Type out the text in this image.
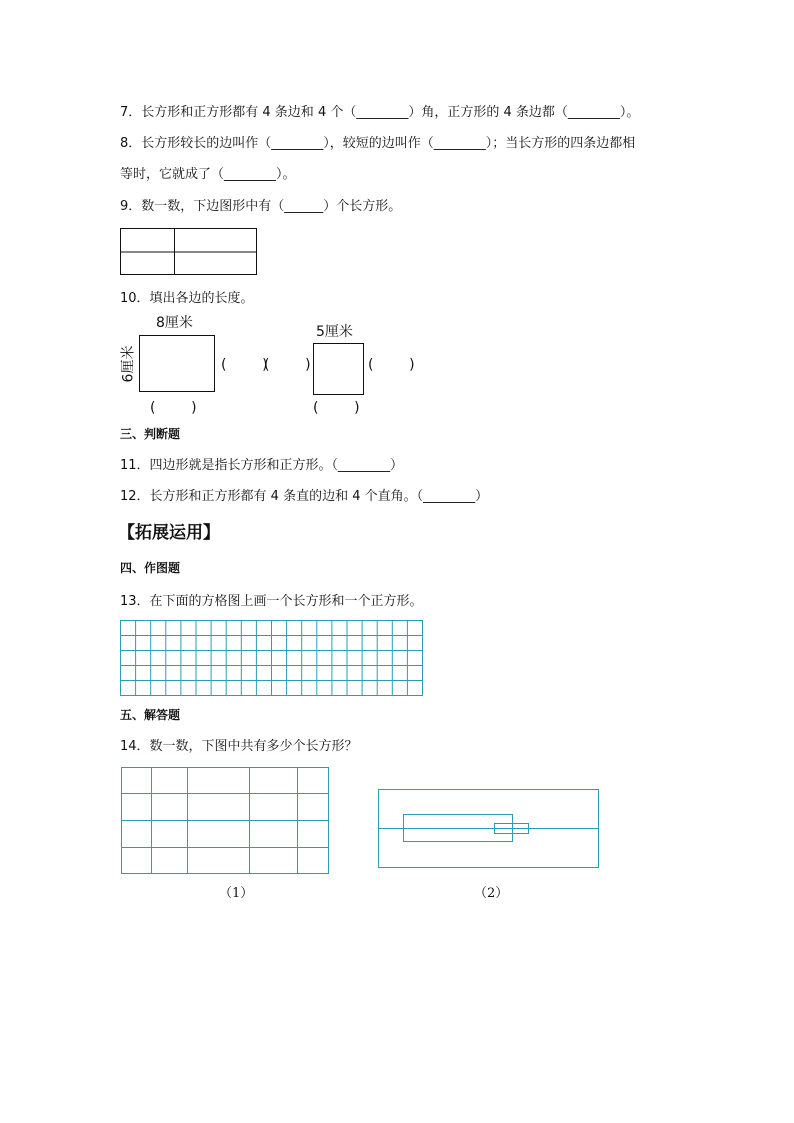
7．长方形和正方形都有 4 条边和 4 个（________）角，正方形的 4 条边都（________）。
8．长方形较长的边叫作（________），较短的边叫作（________）；当长方形的四条边都相
等时，它就成了（________）。
9．数一数，下边图形中有（______）个长方形。
10．填出各边的长度。
8厘米
6厘米	(        )
(        )
5厘米
(        )	(        )
(        )
三、判断题
11．四边形就是指长方形和正方形。（________）
12．长方形和正方形都有 4 条直的边和 4 个直角。（________）
【拓展运用】
四、作图题
13．在下面的方格图上画一个长方形和一个正方形。
五、解答题
14．数一数，下图中共有多少个长方形？
（1）	（2）
